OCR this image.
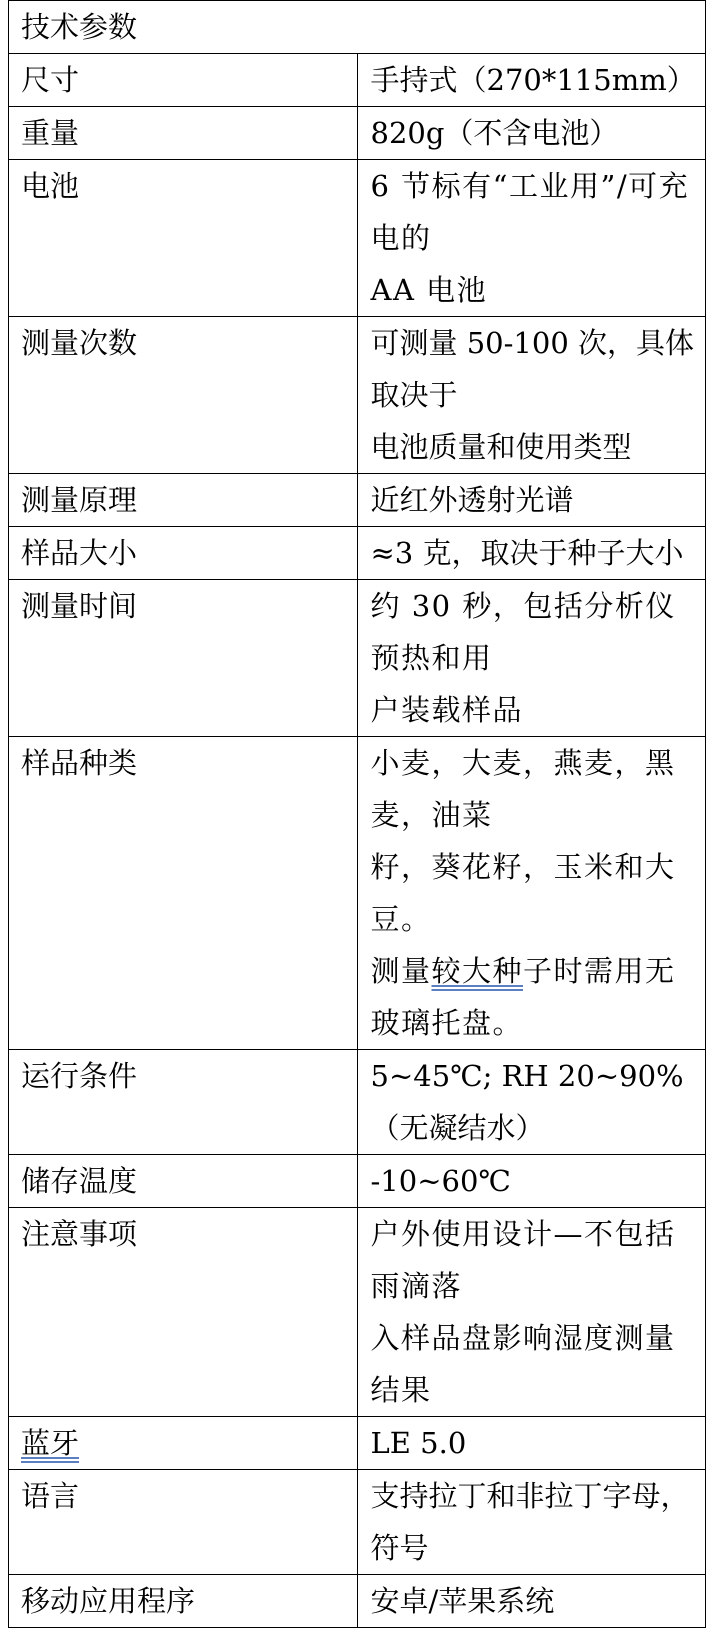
技术参数	
尺寸	手持式（270*115mm）

重量	820g（不含电池）

电池	6 节标有“工业用”/可充电的
AA 电池

测量次数	可测量 50-100 次，具体取决于
电池质量和使用类型

测量原理	近红外透射光谱

样品大小	≈3 克，取决于种子大小

测量时间	约 30 秒，包括分析仪预热和用
户装载样品

样品种类	小麦，大麦，燕麦，黑麦，油菜
籽，葵花籽，玉米和大豆。
测量较大种子时需用无玻璃托盘。

运行条件	5~45℃; RH 20~90%（无凝结水）

储存温度	-10~60℃

注意事项	户外使用设计—不包括雨滴落
入样品盘影响湿度测量结果

蓝牙	LE 5.0

语言	支持拉丁和非拉丁字母，符号

移动应用程序	安卓/苹果系统
